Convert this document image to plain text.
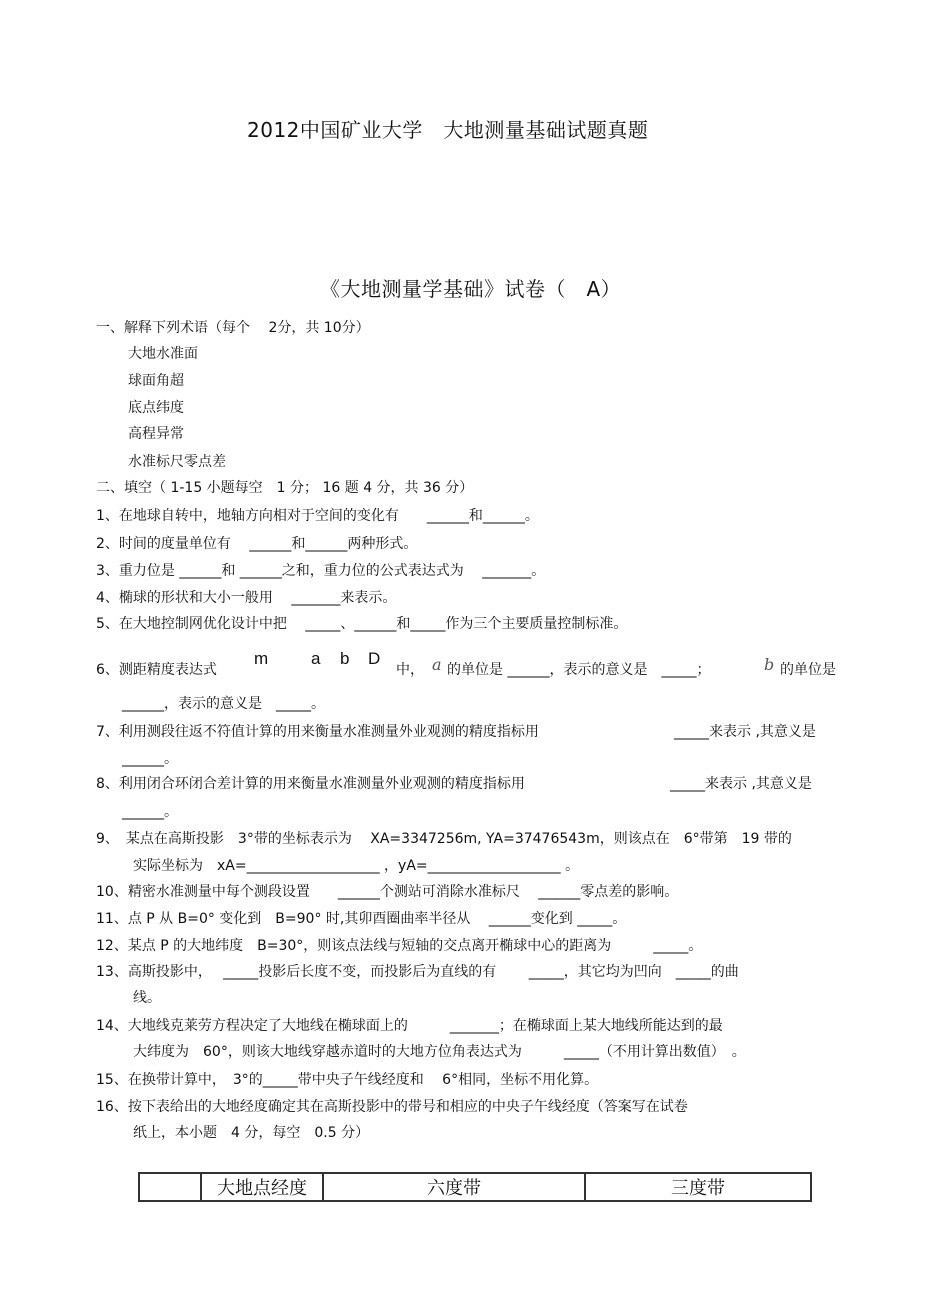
2012中国矿业大学　大地测量基础试题真题
《大地测量学基础》试卷（　A）
一、解释下列术语（每个　 2分，共 10分）
大地水准面
球面角超
底点纬度
高程异常
水准标尺零点差
二、填空（ 1-15 小题每空　1 分； 16 题 4 分，共 36 分）
1、在地球自转中，地轴方向相对于空间的变化有　　______和______。
2、时间的度量单位有　 ______和______两种形式。
3、重力位是 ______和 ______之和，重力位的公式表达式为　 _______。
4、椭球的形状和大小一般用　 _______来表示。
5、在大地控制网优化设计中把　 _____、______和_____作为三个主要质量控制标准。
6、测距精度表达式
m	a b D
中， a 的单位是 ______，表示的意义是　_____；	b 的单位是
______，表示的意义是　_____。
7、利用测段往返不符值计算的用来衡量水准测量外业观测的精度指标用	_____来表示 ,其意义是
______。
8、利用闭合环闭合差计算的用来衡量水准测量外业观测的精度指标用	_____来表示 ,其意义是
______。
9、　某点在高斯投影　3°带的坐标表示为　 XA=3347256m, YA=37476543m，则该点在　6°带第　19 带的
实际坐标为　xA=___________________ ，yA=___________________ 。
10、精密水准测量中每个测段设置　　______个测站可消除水准标尺　 ______零点差的影响。
11、点 P 从 B=0° 变化到　B=90° 时,其卯酉圈曲率半径从　 ______变化到 _____。
12、某点 P 的大地纬度　B=30°，则该点法线与短轴的交点离开椭球中心的距离为　　　_____。
13、高斯投影中，　 _____投影后长度不变，而投影后为直线的有　　 _____，其它均为凹向　_____的曲
线。
14、大地线克莱劳方程决定了大地线在椭球面上的　　　_______；在椭球面上某大地线所能达到的最
大纬度为　60°，则该大地线穿越赤道时的大地方位角表达式为　　　_____（不用计算出数值）　。
15、在换带计算中，　3°的_____带中央子午线经度和　 6°相同，坐标不用化算。
16、按下表给出的大地经度确定其在高斯投影中的带号和相应的中央子午线经度（答案写在试卷
纸上，本小题　4 分，每空　0.5 分）
	大地点经度	六度带	三度带
